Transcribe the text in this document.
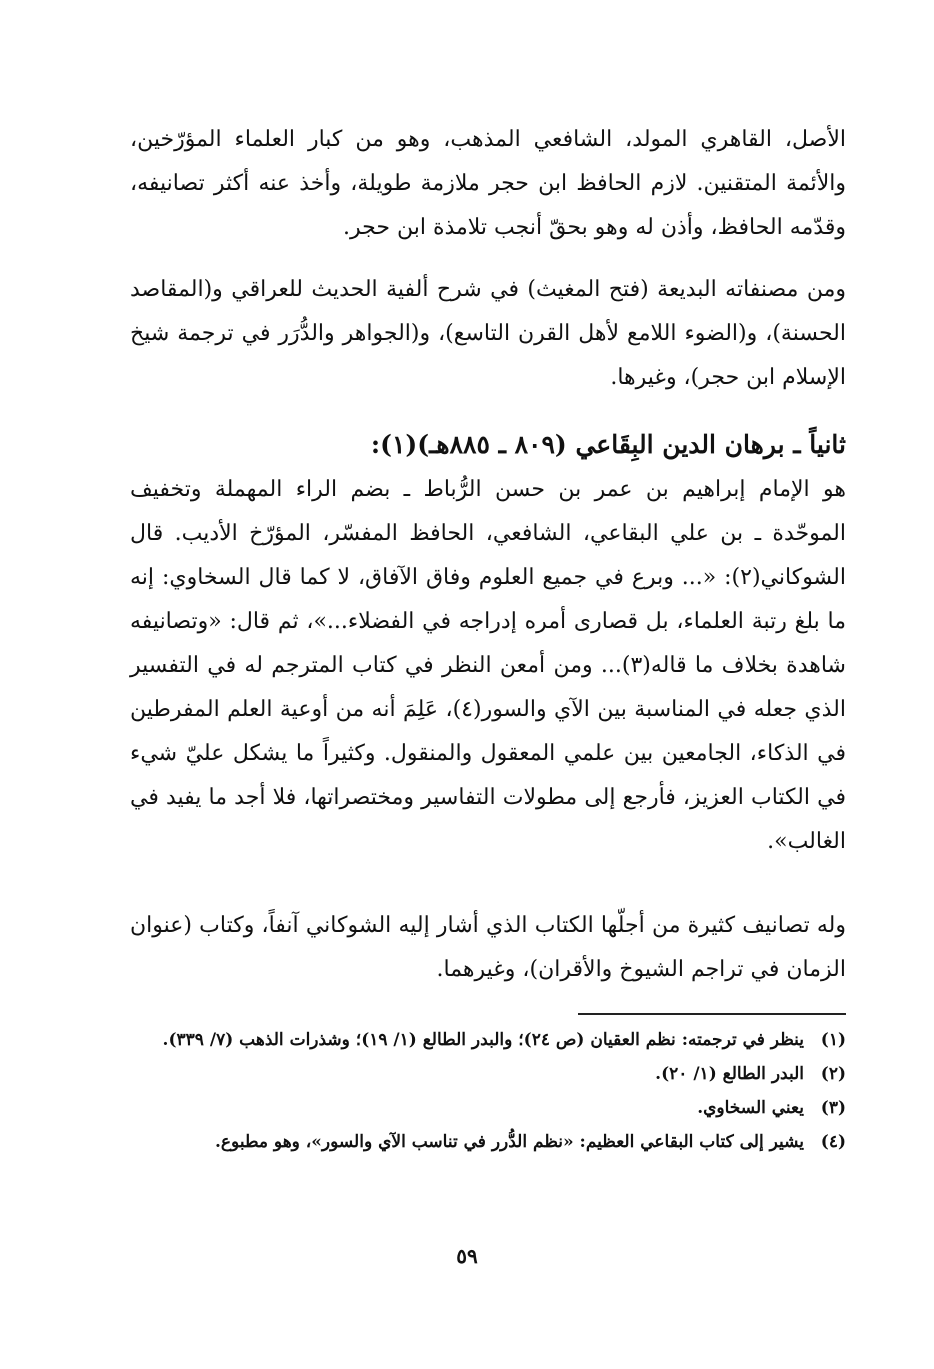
الأصل، القاهري المولد، الشافعي المذهب، وهو من كبار العلماء المؤرّخين، والأئمة المتقنين. لازم الحافظ ابن حجر ملازمة طويلة، وأخذ عنه أكثر تصانيفه، وقدّمه الحافظ، وأذن له وهو بحقّ أنجب تلامذة ابن حجر.

ومن مصنفاته البديعة (فتح المغيث) في شرح ألفية الحديث للعراقي و(المقاصد الحسنة)، و(الضوء اللامع لأهل القرن التاسع)، و(الجواهر والدُّرَر في ترجمة شيخ الإسلام ابن حجر)، وغيرها.

ثانياً ـ برهان الدين البِقَاعي (٨٠٩ ـ ٨٨٥هـ)(١):

هو الإمام إبراهيم بن عمر بن حسن الرُّباط ـ بضم الراء المهملة وتخفيف الموحّدة ـ بن علي البقاعي، الشافعي، الحافظ المفسّر، المؤرّخ الأديب. قال الشوكاني(٢): «... وبرع في جميع العلوم وفاق الآفاق، لا كما قال السخاوي: إنه ما بلغ رتبة العلماء، بل قصارى أمره إدراجه في الفضلاء...»، ثم قال: «وتصانيفه شاهدة بخلاف ما قاله(٣)... ومن أمعن النظر في كتاب المترجم له في التفسير الذي جعله في المناسبة بين الآي والسور(٤)، عَلِمَ أنه من أوعية العلم المفرطين في الذكاء، الجامعين بين علمي المعقول والمنقول. وكثيراً ما يشكل عليّ شيء في الكتاب العزيز، فأرجع إلى مطولات التفاسير ومختصراتها، فلا أجد ما يفيد في الغالب».

وله تصانيف كثيرة من أجلّها الكتاب الذي أشار إليه الشوكاني آنفاً، وكتاب (عنوان الزمان في تراجم الشيوخ والأقران)، وغيرهما.

(١)
ينظر في ترجمته: نظم العقيان (ص ٢٤)؛ والبدر الطالع (١/ ١٩)؛ وشذرات الذهب (٧/ ٣٣٩).
(٢)
البدر الطالع (١/ ٢٠).
(٣)
يعني السخاوي.
(٤)
يشير إلى كتاب البقاعي العظيم: «نظم الدُّرر في تناسب الآي والسور»، وهو مطبوع.
٥٩
